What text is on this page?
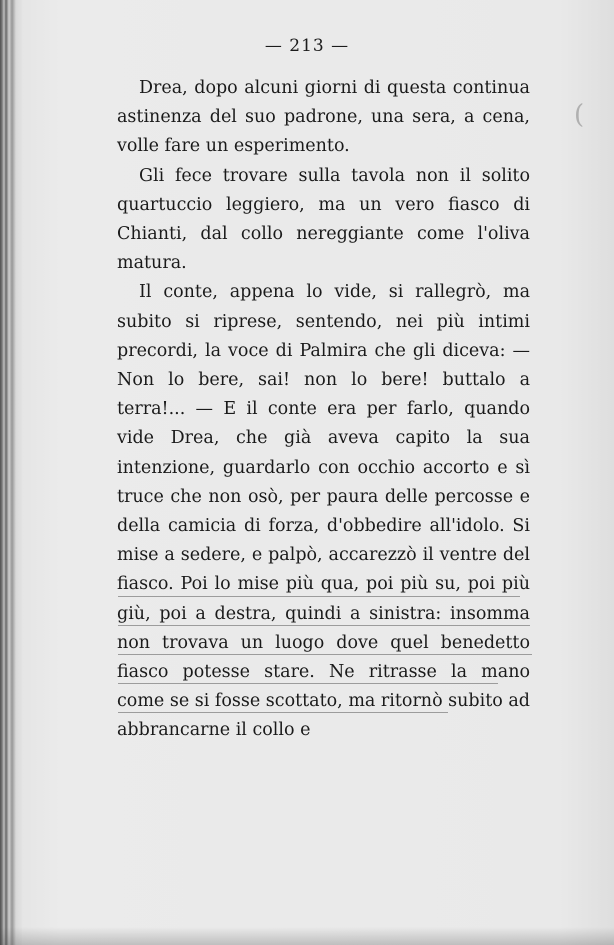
(
— 213 —

Drea, dopo alcuni giorni di questa continua astinenza del suo padrone, una sera, a cena, volle fare un esperimento.

Gli fece trovare sulla tavola non il solito quartuccio leggiero, ma un vero fiasco di Chianti, dal collo nereggiante come l'oliva matura.

Il conte, appena lo vide, si rallegrò, ma subito si riprese, sentendo, nei più intimi precordi, la voce di Palmira che gli diceva: — Non lo bere, sai! non lo bere! buttalo a terra!... — E il conte era per farlo, quando vide Drea, che già aveva capito la sua intenzione, guardarlo con occhio accorto e sì truce che non osò, per paura delle percosse e della camicia di forza, d'obbedire all'idolo. Si mise a sedere, e palpò, accarezzò il ventre del fiasco. Poi lo mise più qua, poi più su, poi più giù, poi a destra, quindi a sinistra: insomma non trovava un luogo dove quel benedetto fiasco potesse stare. Ne ritrasse la mano come se si fosse scottato, ma ritornò subito ad abbrancarne il collo e
